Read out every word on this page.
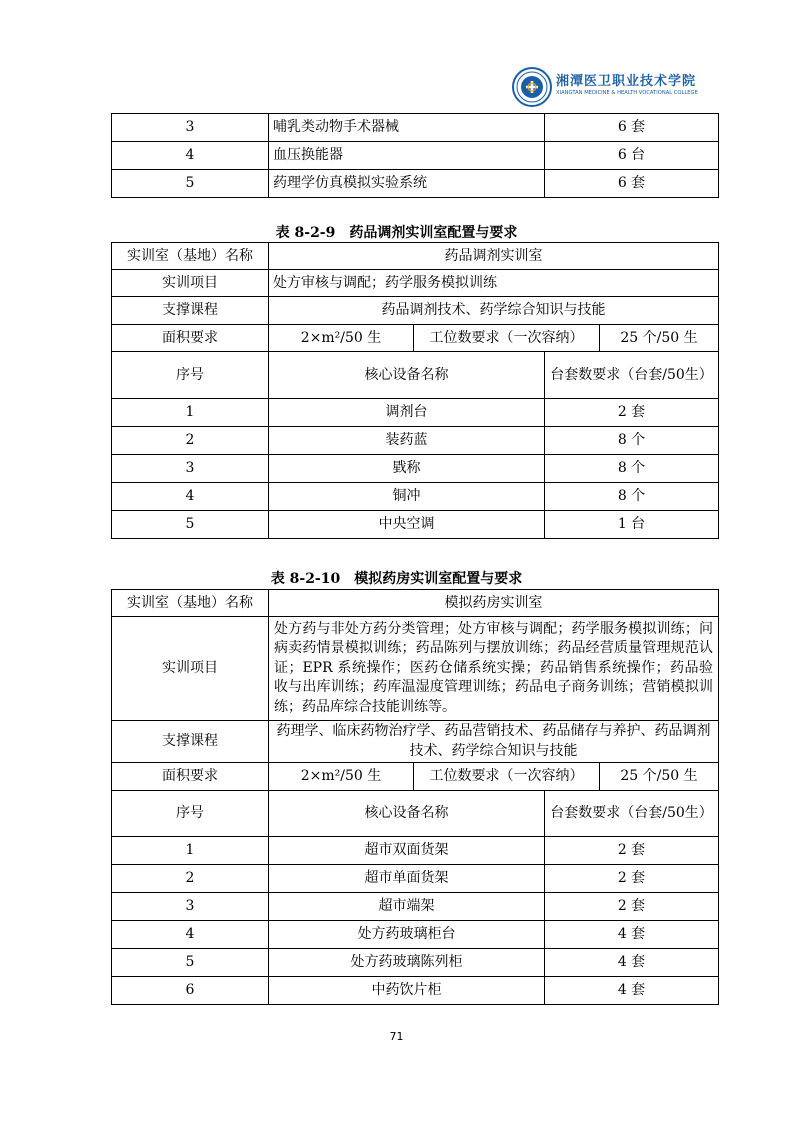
湘潭医卫职业技术学院
XIANGTAN MEDICINE & HEALTH VOCATIONAL COLLEGE
3	哺乳类动物手术器械	6 套
4	血压换能器	6 台
5	药理学仿真模拟实验系统	6 套
表 8-2-9　药品调剂实训室配置与要求
实训室（基地）名称	药品调剂实训室			
实训项目	处方审核与调配；药学服务模拟训练			
支撑课程	药品调剂技术、药学综合知识与技能			
面积要求	2×m²/50 生	工位数要求（一次容纳）		25 个/50 生
序号	核心设备名称		台套数要求（台套/50生）	
1	调剂台		2 套	
2	装药蓝		8 个	
3	戥称		8 个	
4	铜冲		8 个	
5	中央空调		1 台	
表 8-2-10　模拟药房实训室配置与要求
实训室（基地）名称	模拟药房实训室			
实训项目	处方药与非处方药分类管理；处方审核与调配；药学服务模拟训练；问病卖药情景模拟训练；药品陈列与摆放训练；药品经营质量管理规范认证；EPR 系统操作；医药仓储系统实操；药品销售系统操作；药品验收与出库训练；药库温湿度管理训练；药品电子商务训练；营销模拟训练；药品库综合技能训练等。			
支撑课程	药理学、临床药物治疗学、药品营销技术、药品储存与养护、药品调剂技术、药学综合知识与技能			
面积要求	2×m²/50 生	工位数要求（一次容纳）		25 个/50 生
序号	核心设备名称		台套数要求（台套/50生）	
1	超市双面货架		2 套	
2	超市单面货架		2 套	
3	超市端架		2 套	
4	处方药玻璃柜台		4 套	
5	处方药玻璃陈列柜		4 套	
6	中药饮片柜		4 套	
71
